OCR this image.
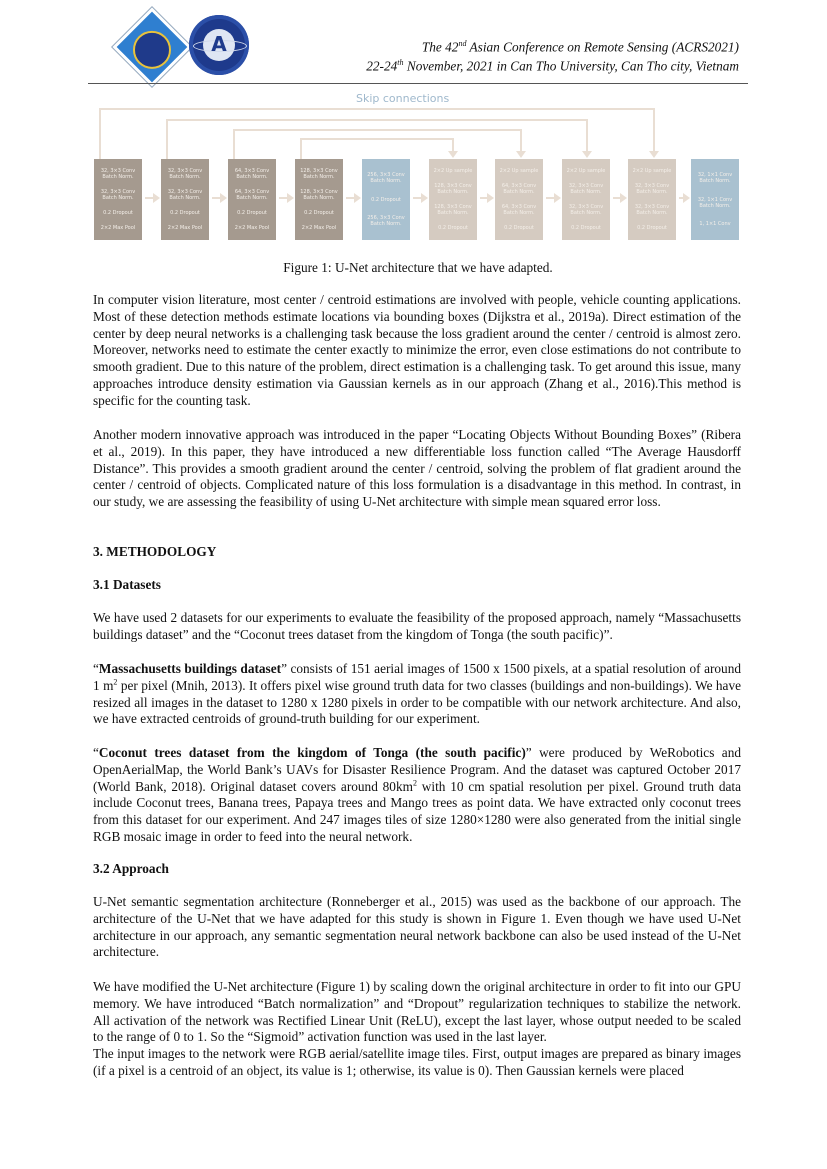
A	The 42nd Asian Conference on Remote Sensing (ACRS2021)
22-24th November, 2021 in Can Tho University, Can Tho city, Vietnam
Skip connections
32, 3×3 Conv
Batch Norm.
32, 3×3 Conv
Batch Norm.
0.2 Dropout
2×2 Max Pool
32, 3×3 Conv
Batch Norm.
32, 3×3 Conv
Batch Norm.
0.2 Dropout
2×2 Max Pool
64, 3×3 Conv
Batch Norm.
64, 3×3 Conv
Batch Norm.
0.2 Dropout
2×2 Max Pool
128, 3×3 Conv
Batch Norm.
128, 3×3 Conv
Batch Norm.
0.2 Dropout
2×2 Max Pool
256, 3×3 Conv
Batch Norm.
0.2 Dropout
256, 3×3 Conv
Batch Norm.
2×2 Up sample
128, 3×3 Conv
Batch Norm.
128, 3×3 Conv
Batch Norm.
0.2 Dropout
2×2 Up sample
64, 3×3 Conv
Batch Norm.
64, 3×3 Conv
Batch Norm.
0.2 Dropout
2×2 Up sample
32, 3×3 Conv
Batch Norm.
32, 3×3 Conv
Batch Norm.
0.2 Dropout
2×2 Up sample
32, 3×3 Conv
Batch Norm.
32, 3×3 Conv
Batch Norm.
0.2 Dropout
32, 1×1 Conv
Batch Norm.
32, 1×1 Conv
Batch Norm.
1, 1×1 Conv
Figure 1: U-Net architecture that we have adapted.
In computer vision literature, most center / centroid estimations are involved with people, vehicle counting applications. Most of these detection methods estimate locations via bounding boxes (Dijkstra et al., 2019a). Direct estimation of the center by deep neural networks is a challenging task because the loss gradient around the center / centroid is almost zero. Moreover, networks need to estimate the center exactly to minimize the error, even close estimations do not contribute to smooth gradient. Due to this nature of the problem, direct estimation is a challenging task. To get around this issue, many approaches introduce density estimation via Gaussian kernels as in our approach (Zhang et al., 2016).This method is specific for the counting task.
Another modern innovative approach was introduced in the paper “Locating Objects Without Bounding Boxes” (Ribera et al., 2019). In this paper, they have introduced a new differentiable loss function called “The Average Hausdorff Distance”. This provides a smooth gradient around the center / centroid, solving the problem of flat gradient around the center / centroid of objects. Complicated nature of this loss formulation is a disadvantage in this method. In contrast, in our study, we are assessing the feasibility of using U-Net architecture with simple mean squared error loss.
3. METHODOLOGY
3.1 Datasets
We have used 2 datasets for our experiments to evaluate the feasibility of the proposed approach, namely “Massachusetts buildings dataset” and the “Coconut trees dataset from the kingdom of Tonga (the south pacific)”.
“Massachusetts buildings dataset” consists of 151 aerial images of 1500 x 1500 pixels, at a spatial resolution of around 1 $m^2$ per pixel (Mnih, 2013). It offers pixel wise ground truth data for two classes (buildings and non-buildings). We have resized all images in the dataset to 1280 x 1280 pixels in order to be compatible with our network architecture. And also, we have extracted centroids of ground-truth building for our experiment.
“Coconut trees dataset from the kingdom of Tonga (the south pacific)” were produced by WeRobotics and OpenAerialMap, the World Bank’s UAVs for Disaster Resilience Program. And the dataset was captured October 2017 (World Bank, 2018). Original dataset covers around $80km^2$ with 10 cm spatial resolution per pixel. Ground truth data include Coconut trees, Banana trees, Papaya trees and Mango trees as point data. We have extracted only coconut trees from this dataset for our experiment. And 247 images tiles of size 1280×1280 were also generated from the initial single RGB mosaic image in order to feed into the neural network.
3.2 Approach
U-Net semantic segmentation architecture (Ronneberger et al., 2015) was used as the backbone of our approach. The architecture of the U-Net that we have adapted for this study is shown in Figure 1. Even though we have used U-Net architecture in our approach, any semantic segmentation neural network backbone can also be used instead of the U-Net architecture.
We have modified the U-Net architecture (Figure 1) by scaling down the original architecture in order to fit into our GPU memory. We have introduced “Batch normalization” and “Dropout” regularization techniques to stabilize the network. All activation of the network was Rectified Linear Unit (ReLU), except the last layer, whose output needed to be scaled to the range of 0 to 1. So the “Sigmoid” activation function was used in the last layer.
The input images to the network were RGB aerial/satellite image tiles. First, output images are prepared as binary images (if a pixel is a centroid of an object, its value is 1; otherwise, its value is 0). Then Gaussian kernels were placed
